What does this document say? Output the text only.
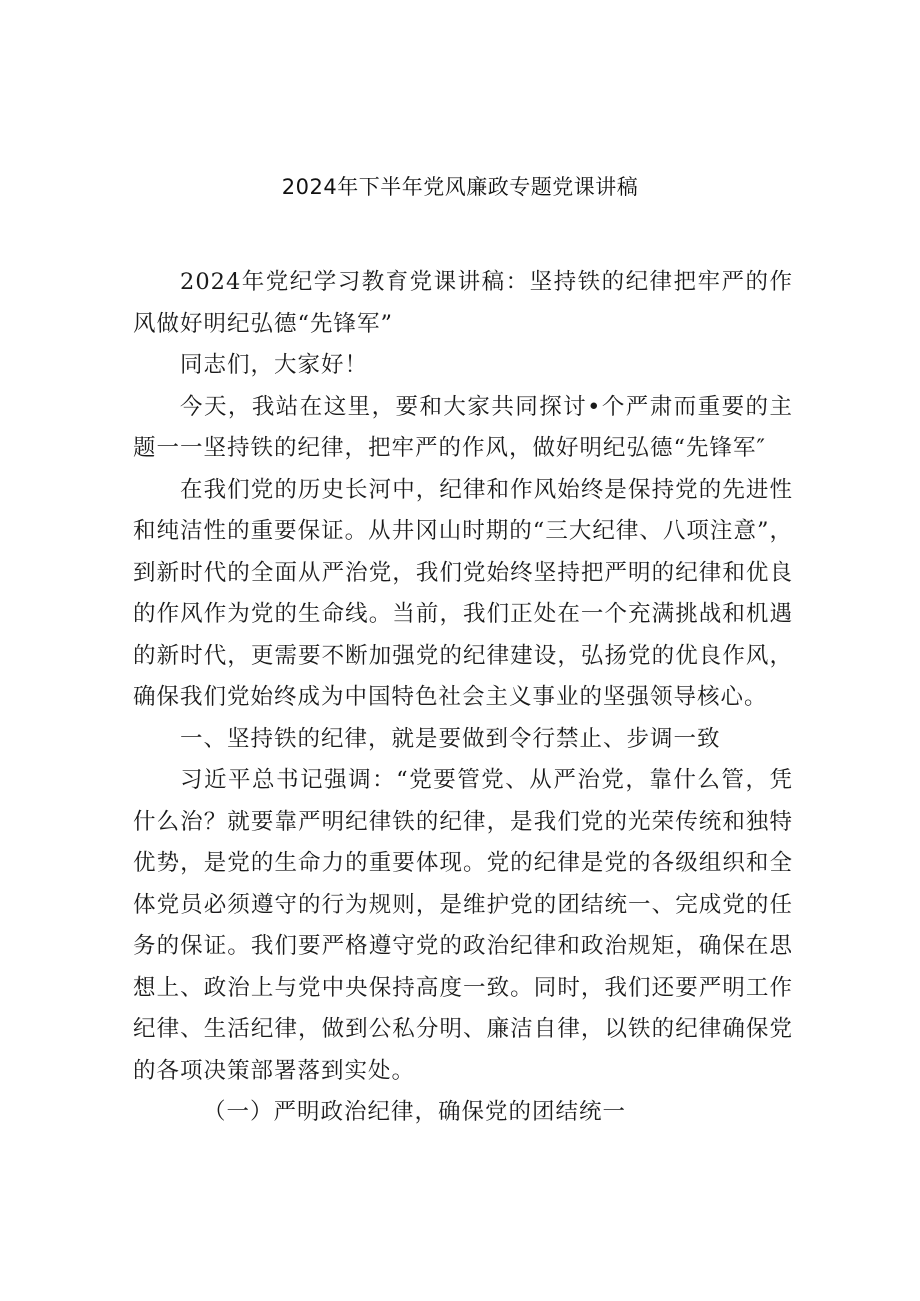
2024年下半年党风廉政专题党课讲稿

2024年党纪学习教育党课讲稿：坚持铁的纪律把牢严的作风做好明纪弘德“先锋军”

同志们，大家好！

今天，我站在这里，要和大家共同探讨•个严肃而重要的主题一一坚持铁的纪律，把牢严的作风，做好明纪弘德“先锋军″

在我们党的历史长河中，纪律和作风始终是保持党的先进性和纯洁性的重要保证。从井冈山时期的“三大纪律、八项注意”，到新时代的全面从严治党，我们党始终坚持把严明的纪律和优良的作风作为党的生命线。当前，我们正处在一个充满挑战和机遇的新时代，更需要不断加强党的纪律建设，弘扬党的优良作风，确保我们党始终成为中国特色社会主义事业的坚强领导核心。

一、坚持铁的纪律，就是要做到令行禁止、步调一致

习近平总书记强调：“党要管党、从严治党，靠什么管，凭什么治？就要靠严明纪律铁的纪律，是我们党的光荣传统和独特优势，是党的生命力的重要体现。党的纪律是党的各级组织和全体党员必须遵守的行为规则，是维护党的团结统一、完成党的任务的保证。我们要严格遵守党的政治纪律和政治规矩，确保在思想上、政治上与党中央保持高度一致。同时，我们还要严明工作纪律、生活纪律，做到公私分明、廉洁自律，以铁的纪律确保党的各项决策部署落到实处。

（一）严明政治纪律，确保党的团结统一
